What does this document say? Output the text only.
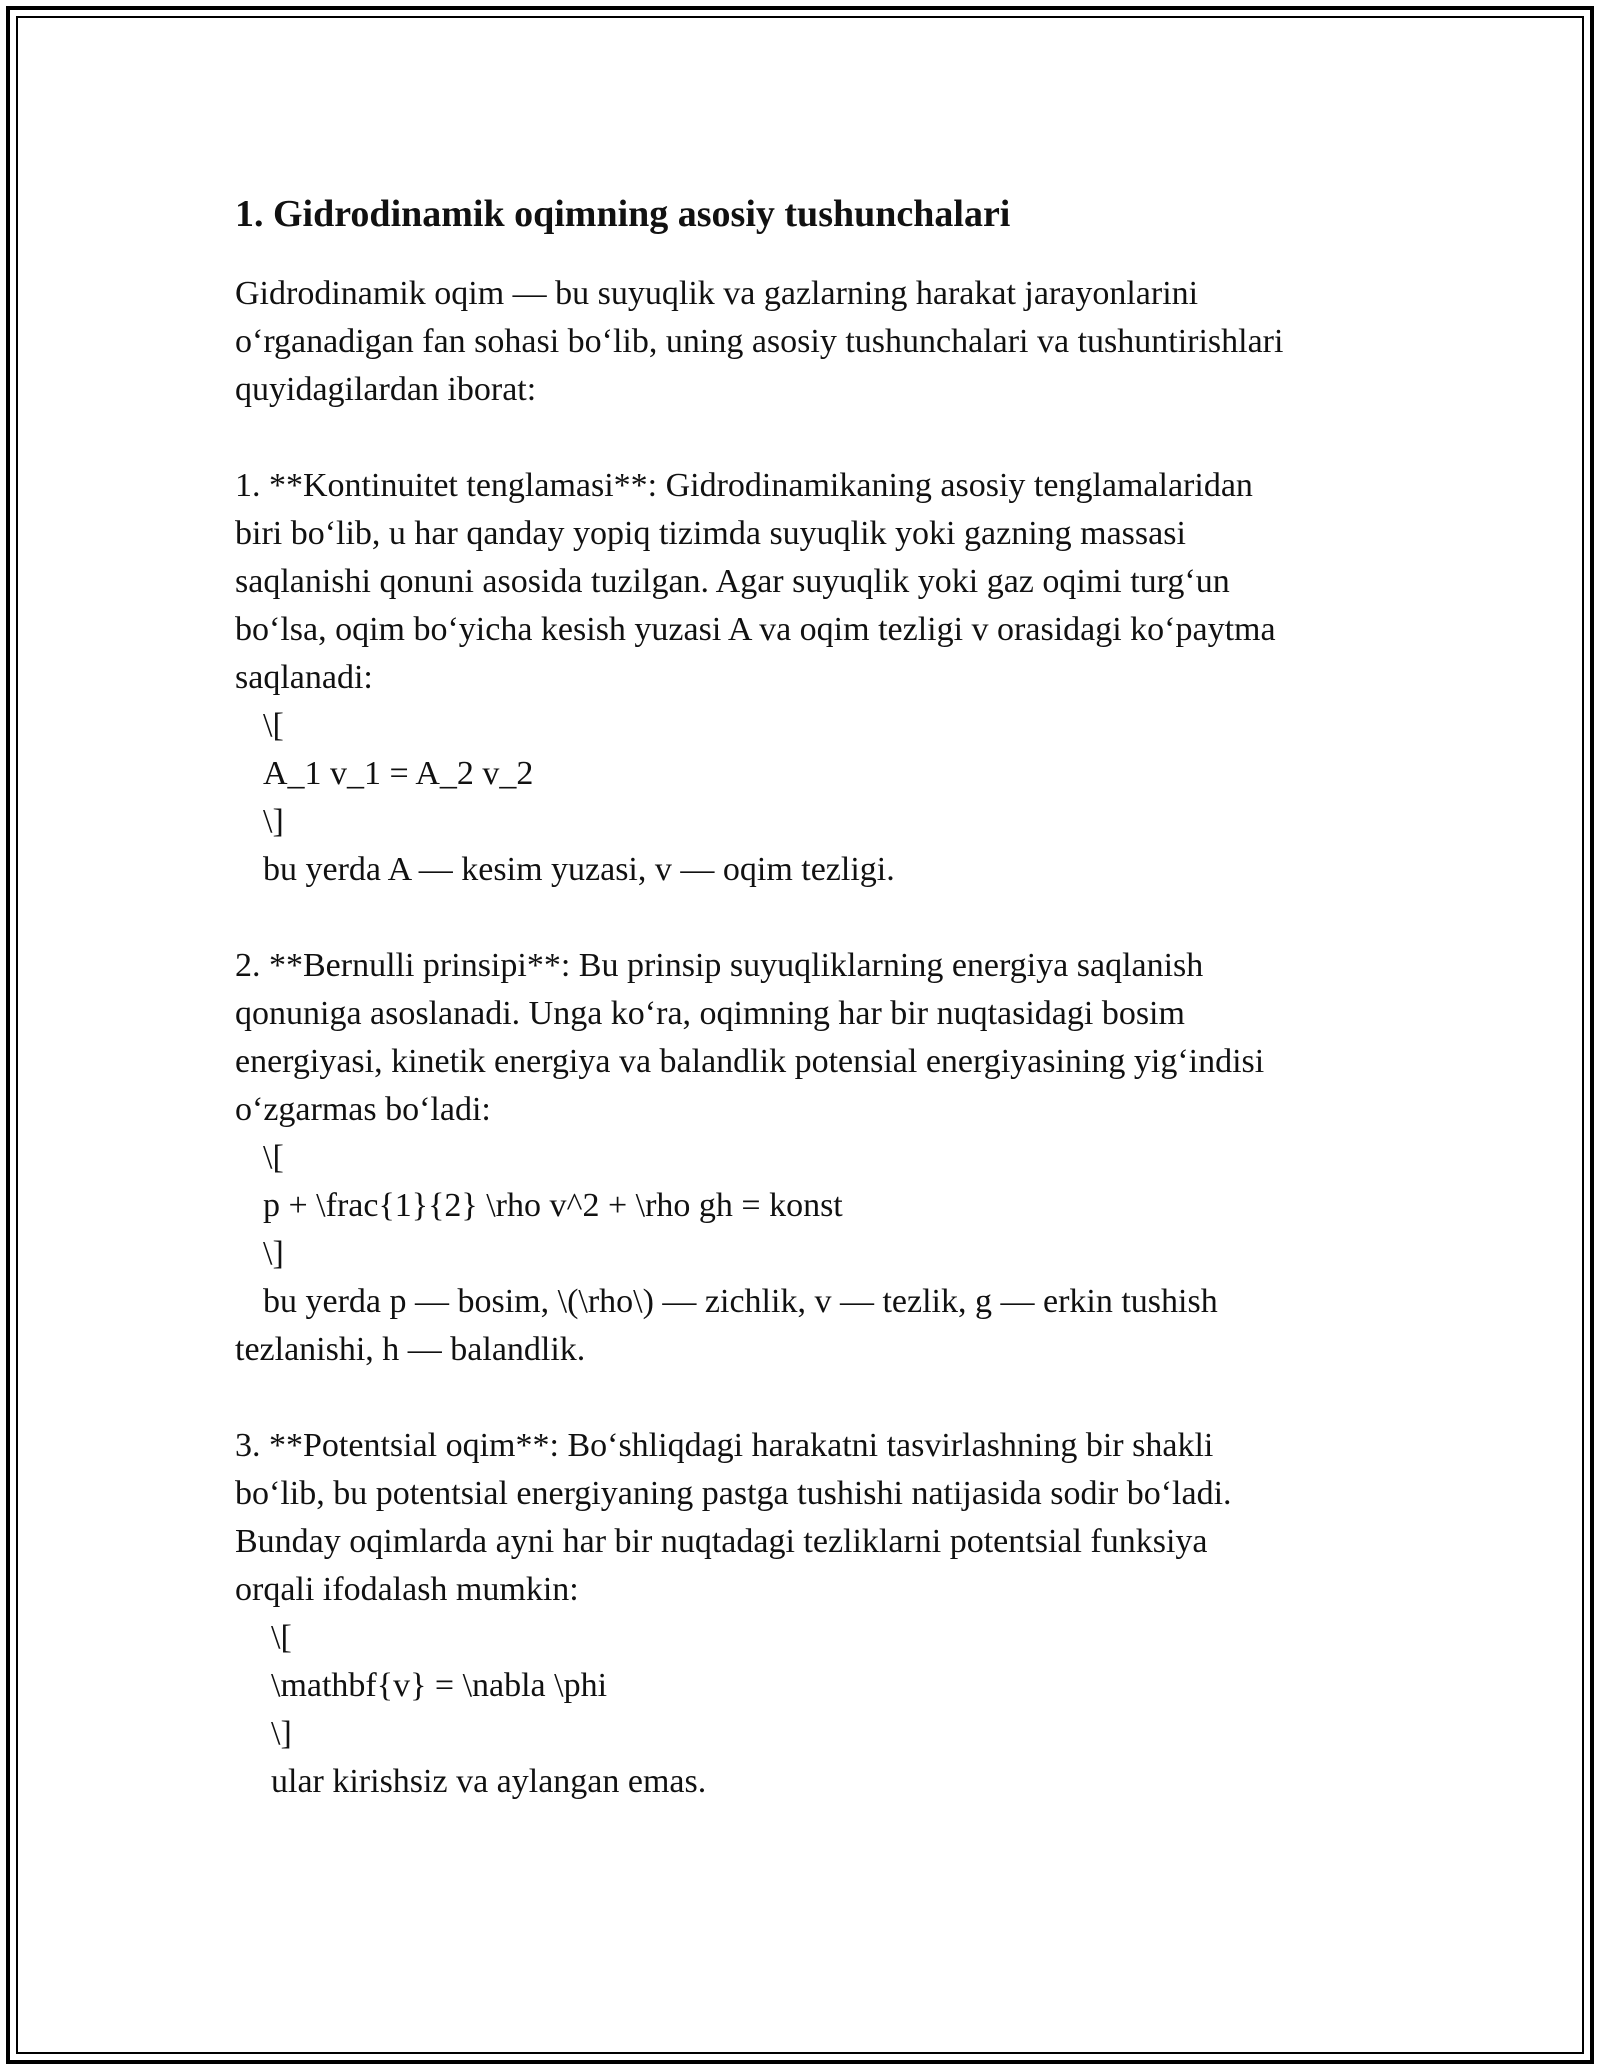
1. Gidrodinamik oqimning asosiy tushunchalari
Gidrodinamik oqim — bu suyuqlik va gazlarning harakat jarayonlarini
oʻrganadigan fan sohasi boʻlib, uning asosiy tushunchalari va tushuntirishlari
quyidagilardan iborat:
1. **Kontinuitet tenglamasi**: Gidrodinamikaning asosiy tenglamalaridan
biri boʻlib, u har qanday yopiq tizimda suyuqlik yoki gazning massasi
saqlanishi qonuni asosida tuzilgan. Agar suyuqlik yoki gaz oqimi turgʻun
boʻlsa, oqim boʻyicha kesish yuzasi A va oqim tezligi v orasidagi koʻpaytma
saqlanadi:
\[
A_1 v_1 = A_2 v_2
\]
bu yerda A — kesim yuzasi, v — oqim tezligi.
2. **Bernulli prinsipi**: Bu prinsip suyuqliklarning energiya saqlanish
qonuniga asoslanadi. Unga koʻra, oqimning har bir nuqtasidagi bosim
energiyasi, kinetik energiya va balandlik potensial energiyasining yigʻindisi
oʻzgarmas boʻladi:
\[
p + \frac{1}{2} \rho v^2 + \rho gh = konst
\]
bu yerda p — bosim, \(\rho\) — zichlik, v — tezlik, g — erkin tushish
tezlanishi, h — balandlik.
3. **Potentsial oqim**: Boʻshliqdagi harakatni tasvirlashning bir shakli
boʻlib, bu potentsial energiyaning pastga tushishi natijasida sodir boʻladi.
Bunday oqimlarda ayni har bir nuqtadagi tezliklarni potentsial funksiya
orqali ifodalash mumkin:
\[
\mathbf{v} = \nabla \phi
\]
ular kirishsiz va aylangan emas.
